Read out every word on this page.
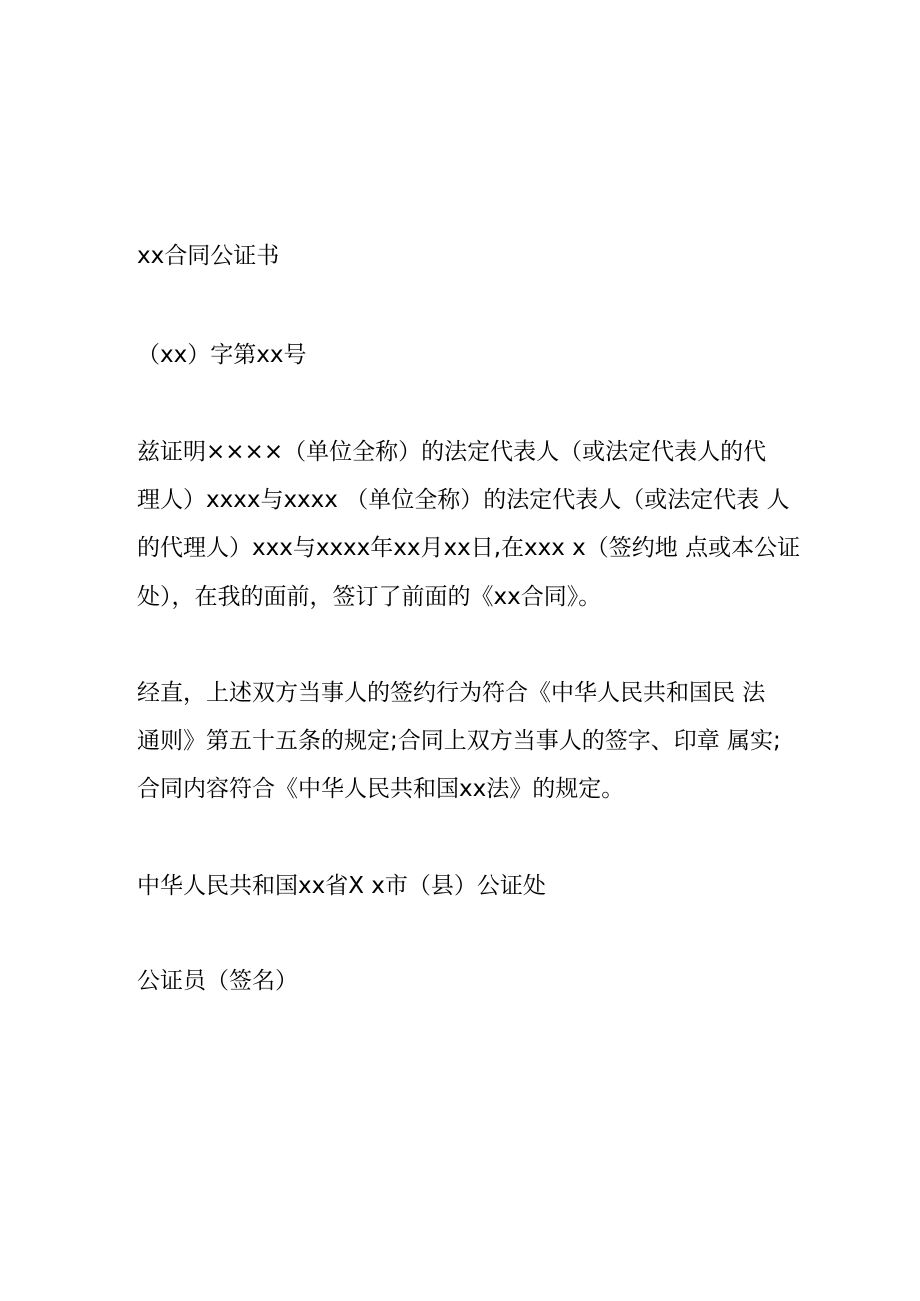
xx合同公证书
（xx）字第xx号
兹证明××××（单位全称）的法定代表人（或法定代表人的代
理人）xxxx与xxxx （单位全称）的法定代表人（或法定代表 人
的代理人）xxx与xxxx年xx月xx日,在xxx x（签约地 点或本公证
处），在我的面前，签订了前面的《xx合同》。
经直，上述双方当事人的签约行为符合《中华人民共和国民 法
通则》第五十五条的规定;合同上双方当事人的签字、印章 属实;
合同内容符合《中华人民共和国xx法》的规定。
中华人民共和国xx省X x市（县）公证处
公证员（签名）
